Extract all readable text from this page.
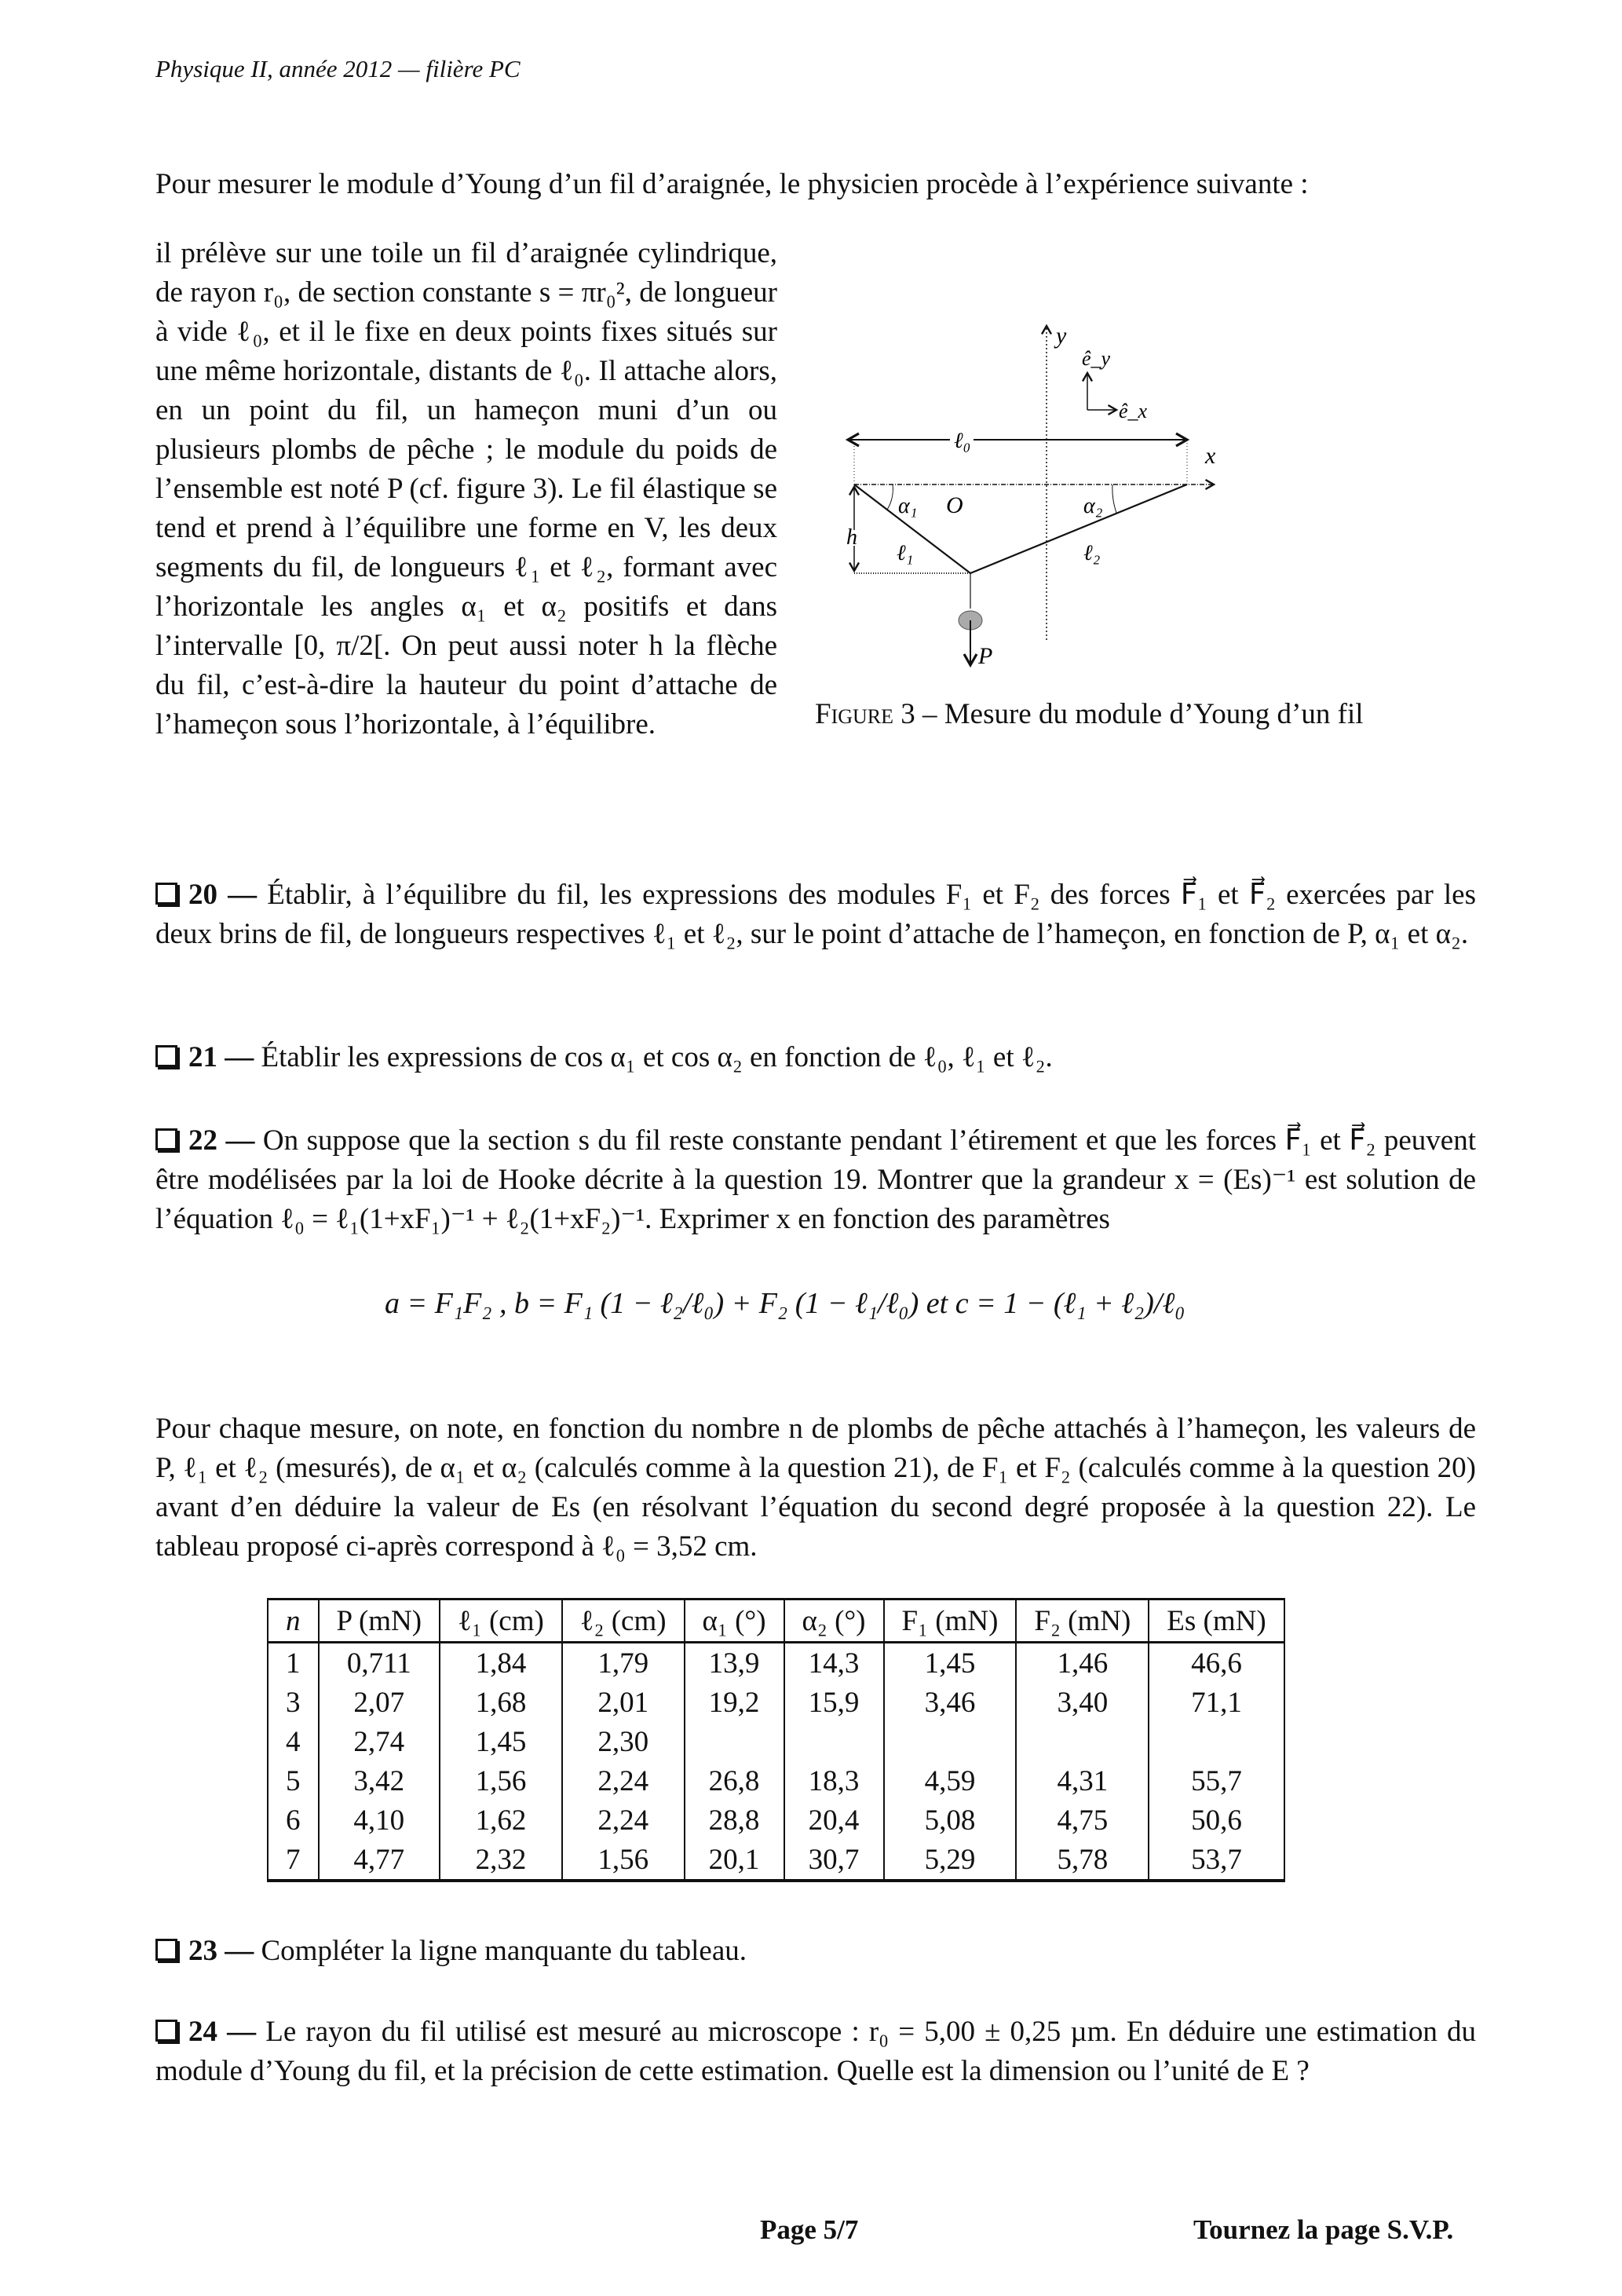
Physique II, année 2012 — filière PC

Pour mesurer le module d’Young d’un fil d’araignée, le physicien procède à l’expérience suivante :

il prélève sur une toile un fil d’araignée cylindrique, de rayon r₀, de section constante s = πr₀², de longueur à vide ℓ₀, et il le fixe en deux points fixes situés sur une même horizontale, distants de ℓ₀. Il attache alors, en un point du fil, un hameçon muni d’un ou plusieurs plombs de pêche ; le module du poids de l’ensemble est noté P (cf. figure 3). Le fil élastique se tend et prend à l’équilibre une forme en V, les deux segments du fil, de longueurs ℓ₁ et ℓ₂, formant avec l’horizontale les angles α₁ et α₂ positifs et dans l’intervalle [0, π/2[. On peut aussi noter h la flèche du fil, c’est-à-dire la hauteur du point d’attache de l’hameçon sous l’horizontale, à l’équilibre.

y
ê_y
ê_x
ℓ₀
x
h
α₁ O	α₂
ℓ₁	ℓ₂
P⃗
Figure 3 – Mesure du module d’Young d’un fil

20 — Établir, à l’équilibre du fil, les expressions des modules F₁ et F₂ des forces F⃗₁ et F⃗₂ exercées par les deux brins de fil, de longueurs respectives ℓ₁ et ℓ₂, sur le point d’attache de l’hameçon, en fonction de P, α₁ et α₂.

21 — Établir les expressions de cos α₁ et cos α₂ en fonction de ℓ₀, ℓ₁ et ℓ₂.

22 — On suppose que la section s du fil reste constante pendant l’étirement et que les forces F⃗₁ et F⃗₂ peuvent être modélisées par la loi de Hooke décrite à la question 19. Montrer que la grandeur x = (Es)⁻¹ est solution de l’équation ℓ₀ = ℓ₁(1+xF₁)⁻¹ + ℓ₂(1+xF₂)⁻¹. Exprimer x en fonction des paramètres

a = F₁F₂ , b = F₁ (1 − ℓ₂/ℓ₀) + F₂ (1 − ℓ₁/ℓ₀) et c = 1 − (ℓ₁ + ℓ₂)/ℓ₀

Pour chaque mesure, on note, en fonction du nombre n de plombs de pêche attachés à l’hameçon, les valeurs de P, ℓ₁ et ℓ₂ (mesurés), de α₁ et α₂ (calculés comme à la question 21), de F₁ et F₂ (calculés comme à la question 20) avant d’en déduire la valeur de Es (en résolvant l’équation du second degré proposée à la question 22). Le tableau proposé ci-après correspond à ℓ₀ = 3,52 cm.

n	P (mN)	ℓ₁ (cm)	ℓ₂ (cm)	α₁ (°)	α₂ (°)	F₁ (mN)	F₂ (mN)	Es (mN)
1	0,711	1,84	1,79	13,9	14,3	1,45	1,46	46,6
3	2,07	1,68	2,01	19,2	15,9	3,46	3,40	71,1
4	2,74	1,45	2,30					
5	3,42	1,56	2,24	26,8	18,3	4,59	4,31	55,7
6	4,10	1,62	2,24	28,8	20,4	5,08	4,75	50,6
7	4,77	2,32	1,56	20,1	30,7	5,29	5,78	53,7

23 — Compléter la ligne manquante du tableau.

24 — Le rayon du fil utilisé est mesuré au microscope : r₀ = 5,00 ± 0,25 µm. En déduire une estimation du module d’Young du fil, et la précision de cette estimation. Quelle est la dimension ou l’unité de E ?

Page 5/7	Tournez la page S.V.P.
